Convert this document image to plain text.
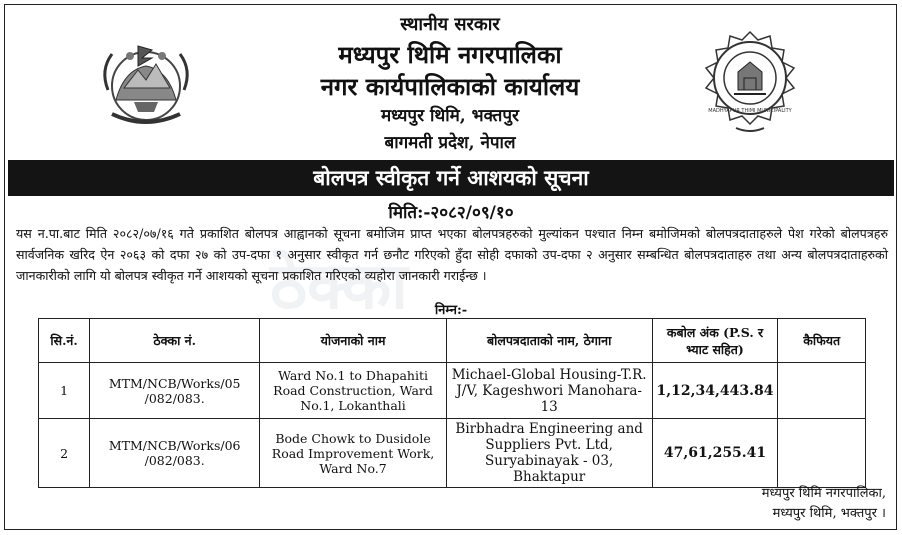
ठेक्का
स्थानीय सरकार
मध्यपुर थिमि नगरपालिका
नगर कार्यपालिकाको कार्यालय
मध्यपुर थिमि, भक्तपुर
बागमती प्रदेश, नेपाल
MADHYAPUR THIMI MUNICIPALITY
बोलपत्र स्वीकृत गर्ने आशयको सूचना
मिति:-२०८२/०९/१०

यस न.पा.बाट मिति २०८२/०७/१६ गते प्रकाशित बोलपत्र आह्वानको सूचना बमोजिम प्राप्त भएका बोलपत्रहरुको मुल्यांकन पश्चात निम्न बमोजिमको बोलपत्रदाताहरुले पेश गरेको बोलपत्रहरु सार्वजनिक खरिद ऐन २०६३ को दफा २७ को उप-दफा १ अनुसार स्वीकृत गर्न छनौट गरिएको हुँदा सोही दफाको उप-दफा २ अनुसार सम्बन्धित बोलपत्रदाताहरु तथा अन्य बोलपत्रदाताहरुको जानकारीको लागि यो बोलपत्र स्वीकृत गर्ने आशयको सूचना प्रकाशित गरिएको व्यहोरा जानकारी गराईन्छ ।

निम्न:-
सि.नं.	ठेक्का नं.	योजनाको नाम	बोलपत्रदाताको नाम, ठेगाना	कबोल अंक (P.S. र भ्याट सहित)	कैफियत
1	MTM/NCB/Works/05 /082/083.	Ward No.1 to Dhapahiti Road Construction, Ward No.1, Lokanthali	Michael-Global Housing-T.R. J/V, Kageshwori Manohara-13	1,12,34,443.84	
2	MTM/NCB/Works/06 /082/083.	Bode Chowk to Dusidole Road Improvement Work, Ward No.7	Birbhadra Engineering and Suppliers Pvt. Ltd, Suryabinayak - 03, Bhaktapur	47,61,255.41	
मध्यपुर थिमि नगरपालिका,
मध्यपुर थिमि, भक्तपुर ।
